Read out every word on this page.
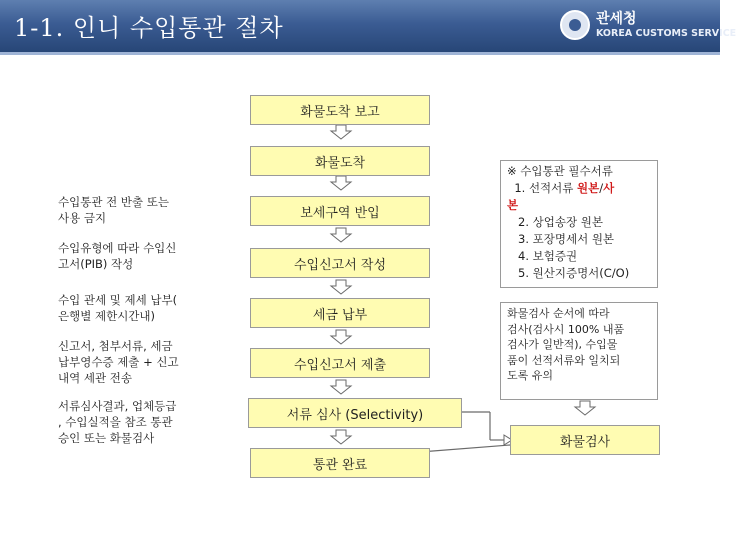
1-1. 인니 수입통관 절차	관세청
KOREA CUSTOMS SERVICE
화물도착 보고
화물도착
보세구역 반입
수입신고서 작성
세금 납부
수입신고서 제출
서류 심사 (Selectivity)
통관 완료
화물검사
수입통관 전 반출 또는
사용 금지
수입유형에 따라 수입신
고서(PIB) 작성
수입 관세 및 제세 납부(
은행별 제한시간내)
신고서, 첨부서류, 세금
납부영수증 제출 + 신고
내역 세관 전송
서류심사결과, 업체등급
, 수입실적을 참조 통관
승인 또는 화물검사
※ 수입통관 필수서류
1. 선적서류 원본/사
본
2. 상업송장 원본
3. 포장명세서 원본
4. 보험증권
5. 원산지증명서(C/O)
화물검사 순서에 따라
검사(검사시 100% 내품
검사가 일반적), 수입물
품이 선적서류와 일치되
도록 유의
